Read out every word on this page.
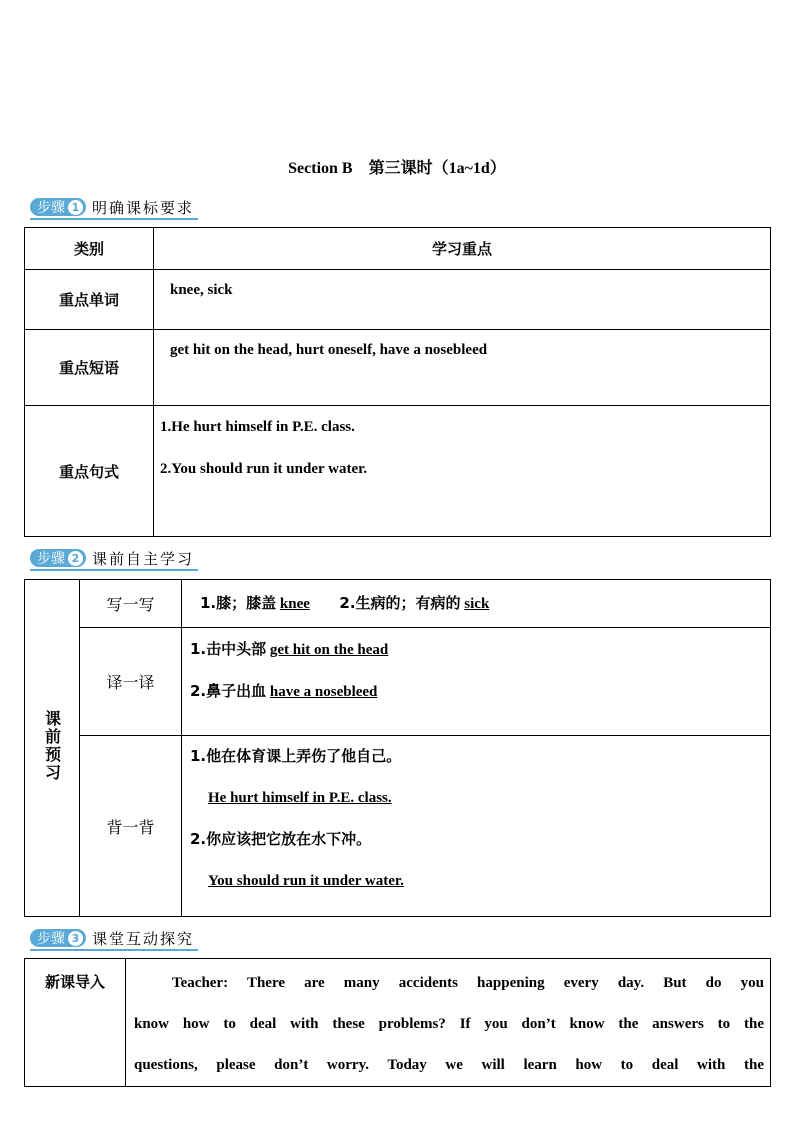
Section B　第三课时（1a~1d）
步骤 1 明确课标要求
类别	学习重点
重点单词	knee, sick
重点短语	get hit on the head, hurt oneself, have a nosebleed
重点句式	1.He hurt himself in P.E. class.
2.You should run it under water.
步骤 2 课前自主学习
课前预习	写一写	1.膝；膝盖 knee 2.生病的；有病的 sick
	译一译	1.击中头部 get hit on the head
2.鼻子出血 have a nosebleed

	背一背	1.他在体育课上弄伤了他自己。
He hurt himself in P.E. class.
2.你应该把它放在水下冲。
You should run it under water.
步骤 3 课堂互动探究
新课导入	Teacher: There are many accidents happening every day. But do you
know how to deal with these problems? If you don’t know the answers to the
questions, please don’t worry. Today we will learn how to deal with the
